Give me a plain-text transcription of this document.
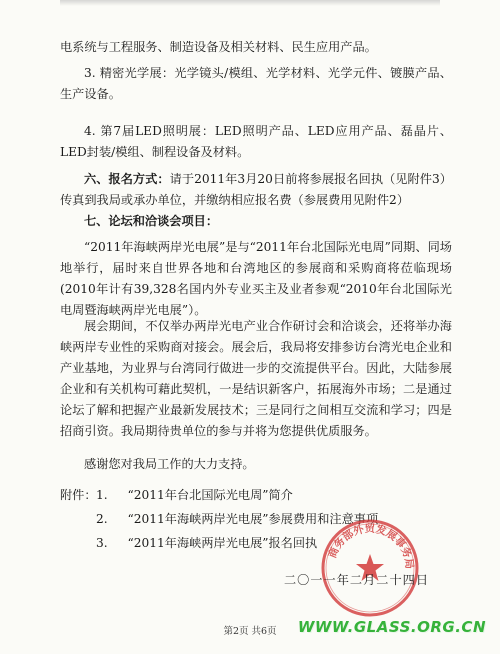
电系统与工程服务、制造设备及相关材料、民生应用产品。

3. 精密光学展：光学镜头/模组、光学材料、光学元件、镀膜产品、生产设备。

4. 第7届LED照明展：LED照明产品、LED应用产品、磊晶片、LED封装/模组、制程设备及材料。

六、报名方式：请于2011年3月20日前将参展报名回执（见附件3）传真到我局或承办单位，并缴纳相应报名费（参展费用见附件2）

七、论坛和洽谈会项目：

“2011年海峡两岸光电展”是与“2011年台北国际光电周”同期、同场地举行，届时来自世界各地和台湾地区的参展商和采购商将莅临现场(2010年计有39,328名国内外专业买主及业者参观“2010年台北国际光电周暨海峡两岸光电展”）。

展会期间，不仅举办两岸光电产业合作研讨会和洽谈会，还将举办海峡两岸专业性的采购商对接会。展会后，我局将安排参访台湾光电企业和产业基地，为业界与台湾同行做进一步的交流提供平台。因此，大陆参展企业和有关机构可藉此契机，一是结识新客户，拓展海外市场；二是通过论坛了解和把握产业最新发展技术；三是同行之间相互交流和学习；四是招商引资。我局期待贵单位的参与并将为您提供优质服务。

感谢您对我局工作的大力支持。

附件： 1. “2011年台北国际光电周”简介
2. “2011年海峡两岸光电展”参展费用和注意事项
3. “2011年海峡两岸光电展”报名回执
商务部外贸发展事务局
二〇一一年二月二十四日
第2页 共6页	WWW.GLASS.ORG.CN
